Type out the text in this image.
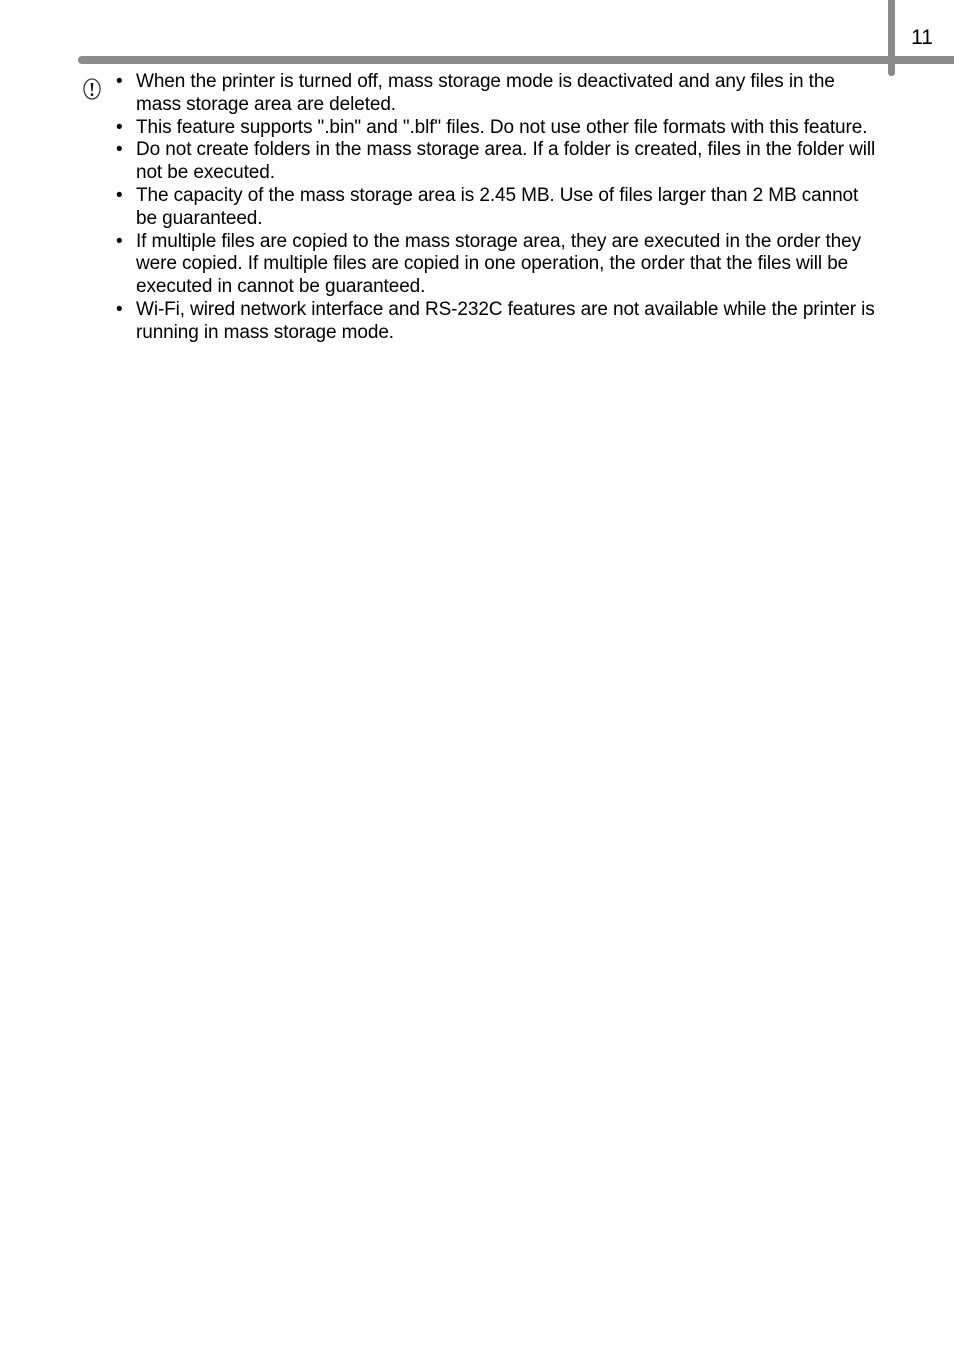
11
• When the printer is turned off, mass storage mode is deactivated and any files in the mass storage area are deleted.
• This feature supports ".bin" and ".blf" files. Do not use other file formats with this feature.
• Do not create folders in the mass storage area. If a folder is created, files in the folder will not be executed.
• The capacity of the mass storage area is 2.45 MB. Use of files larger than 2 MB cannot be guaranteed.
• If multiple files are copied to the mass storage area, they are executed in the order they were copied. If multiple files are copied in one operation, the order that the files will be executed in cannot be guaranteed.
• Wi-Fi, wired network interface and RS-232C features are not available while the printer is running in mass storage mode.
